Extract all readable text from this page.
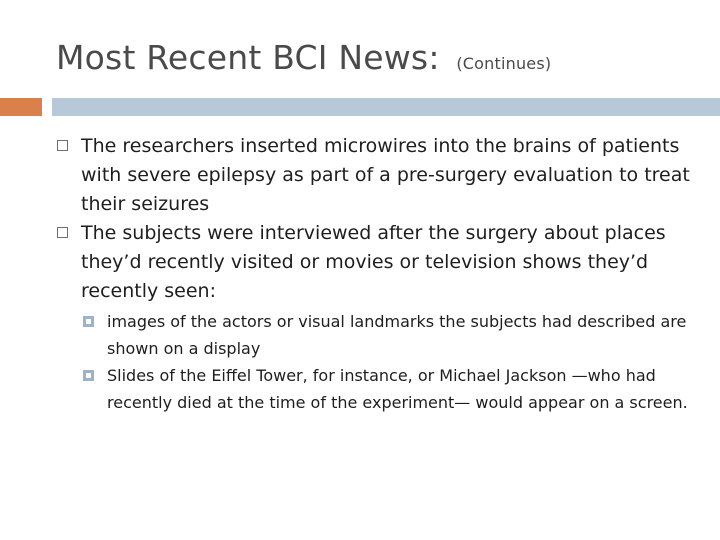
Most Recent BCI News: (Continues)
The researchers inserted microwires into the brains of patients with severe epilepsy as part of a pre-surgery evaluation to treat their seizures
The subjects were interviewed after the surgery about places they’d recently visited or movies or television shows they’d recently seen:
images of the actors or visual landmarks the subjects had described are shown on a display
Slides of the Eiffel Tower, for instance, or Michael Jackson —who had recently died at the time of the experiment— would appear on a screen.
